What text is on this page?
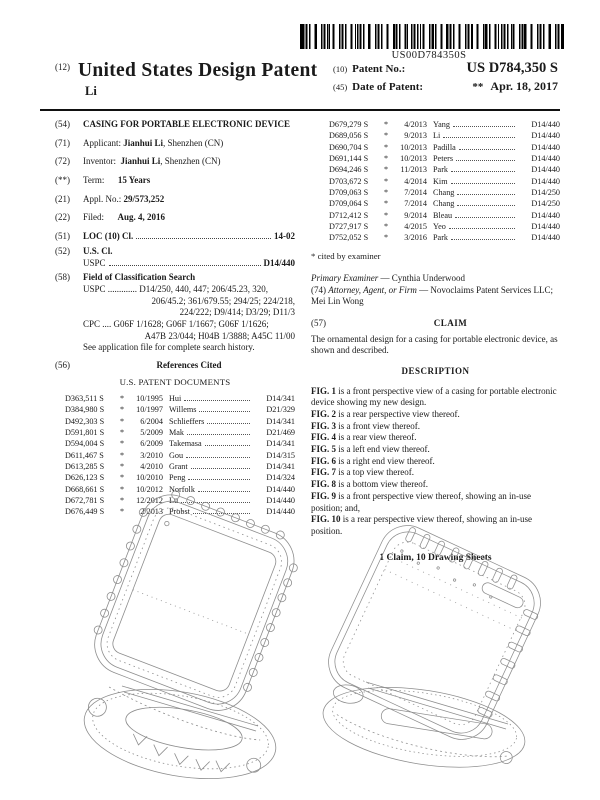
US00D784350S
$^{(12)}$ United States Design Patent
Li
(10) Patent No.:	US D784,350 S
(45) Date of Patent:	** Apr. 18, 2017
(54)	CASING FOR PORTABLE ELECTRONIC DEVICE
(71)	Applicant: Jianhui Li, Shenzhen (CN)
(72)	Inventor: Jianhui Li, Shenzhen (CN)
(**)	Term: 15 Years
(21)	Appl. No.: 29/573,252
(22)	Filed: Aug. 4, 2016
(51)	LOC (10) Cl.	14-02
(52)	U.S. Cl.
USPC	D14/440
(58)	Field of Classification Search
USPC ............. D14/250, 440, 447; 206/45.23, 320,
206/45.2; 361/679.55; 294/25; 224/218,
224/222; D9/414; D3/29; D11/3
CPC .... G06F 1/1628; G06F 1/1667; G06F 1/1626;
A47B 23/044; H04B 1/3888; A45C 11/00
See application file for complete search history.
(56)	References Cited
U.S. PATENT DOCUMENTS
D363,511 S	*	10/1995 Hui	D14/341
D384,980 S	*	10/1997 Willems	D21/329
D492,303 S	*	6/2004 Schlieffers	D14/341
D591,801 S	*	5/2009 Mak	D21/469
D594,004 S	*	6/2009 Takemasa	D14/341
D611,467 S	*	3/2010 Gou	D14/315
D613,285 S	*	4/2010 Grant	D14/341
D626,123 S	*	10/2010 Peng	D14/324
D668,661 S	*	10/2012 Norfolk	D14/440
D672,781 S	*	12/2012 Lu	D14/440
D676,449 S	*	2/2013 Probst	D14/440
D679,279 S	*	4/2013 Yang	D14/440
D689,056 S	*	9/2013 Li	D14/440
D690,704 S	*	10/2013 Padilla	D14/440
D691,144 S	*	10/2013 Peters	D14/440
D694,246 S	*	11/2013 Park	D14/440
D703,672 S	*	4/2014 Kim	D14/440
D709,063 S	*	7/2014 Chang	D14/250
D709,064 S	*	7/2014 Chang	D14/250
D712,412 S	*	9/2014 Bleau	D14/440
D727,917 S	*	4/2015 Yeo	D14/440
D752,052 S	*	3/2016 Park	D14/440
* cited by examiner
Primary Examiner — Cynthia Underwood
(74) Attorney, Agent, or Firm — Novoclaims Patent Services LLC; Mei Lin Wong
(57)	CLAIM
The ornamental design for a casing for portable electronic device, as shown and described.
DESCRIPTION
FIG. 1 is a front perspective view of a casing for portable electronic device showing my new design.
FIG. 2 is a rear perspective view thereof.
FIG. 3 is a front view thereof.
FIG. 4 is a rear view thereof.
FIG. 5 is a left end view thereof.
FIG. 6 is a right end view thereof.
FIG. 7 is a top view thereof.
FIG. 8 is a bottom view thereof.
FIG. 9 is a front perspective view thereof, showing an in-use position; and,
FIG. 10 is a rear perspective view thereof, showing an in-use position.
1 Claim, 10 Drawing Sheets
